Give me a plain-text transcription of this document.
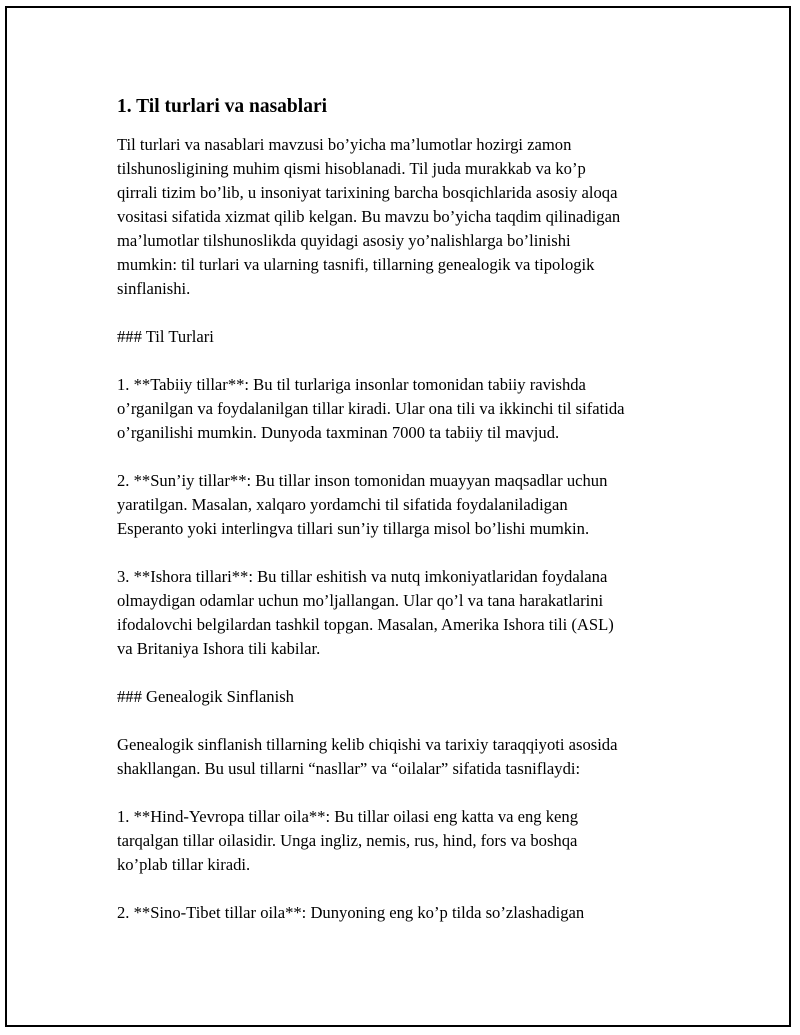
1. Til turlari va nasablari

Til turlari va nasablari mavzusi bo’yicha ma’lumotlar hozirgi zamon
tilshunosligining muhim qismi hisoblanadi. Til juda murakkab va ko’p
qirrali tizim bo’lib, u insoniyat tarixining barcha bosqichlarida asosiy aloqa
vositasi sifatida xizmat qilib kelgan. Bu mavzu bo’yicha taqdim qilinadigan
ma’lumotlar tilshunoslikda quyidagi asosiy yo’nalishlarga bo’linishi
mumkin: til turlari va ularning tasnifi, tillarning genealogik va tipologik
sinflanishi.

### Til Turlari

1. **Tabiiy tillar**: Bu til turlariga insonlar tomonidan tabiiy ravishda
o’rganilgan va foydalanilgan tillar kiradi. Ular ona tili va ikkinchi til sifatida
o’rganilishi mumkin. Dunyoda taxminan 7000 ta tabiiy til mavjud.

2. **Sun’iy tillar**: Bu tillar inson tomonidan muayyan maqsadlar uchun
yaratilgan. Masalan, xalqaro yordamchi til sifatida foydalaniladigan
Esperanto yoki interlingva tillari sun’iy tillarga misol bo’lishi mumkin.

3. **Ishora tillari**: Bu tillar eshitish va nutq imkoniyatlaridan foydalana
olmaydigan odamlar uchun mo’ljallangan. Ular qo’l va tana harakatlarini
ifodalovchi belgilardan tashkil topgan. Masalan, Amerika Ishora tili (ASL)
va Britaniya Ishora tili kabilar.

### Genealogik Sinflanish

Genealogik sinflanish tillarning kelib chiqishi va tarixiy taraqqiyoti asosida
shakllangan. Bu usul tillarni “nasllar” va “oilalar” sifatida tasniflaydi:

1. **Hind-Yevropa tillar oila**: Bu tillar oilasi eng katta va eng keng
tarqalgan tillar oilasidir. Unga ingliz, nemis, rus, hind, fors va boshqa
ko’plab tillar kiradi.

2. **Sino-Tibet tillar oila**: Dunyoning eng ko’p tilda so’zlashadigan
